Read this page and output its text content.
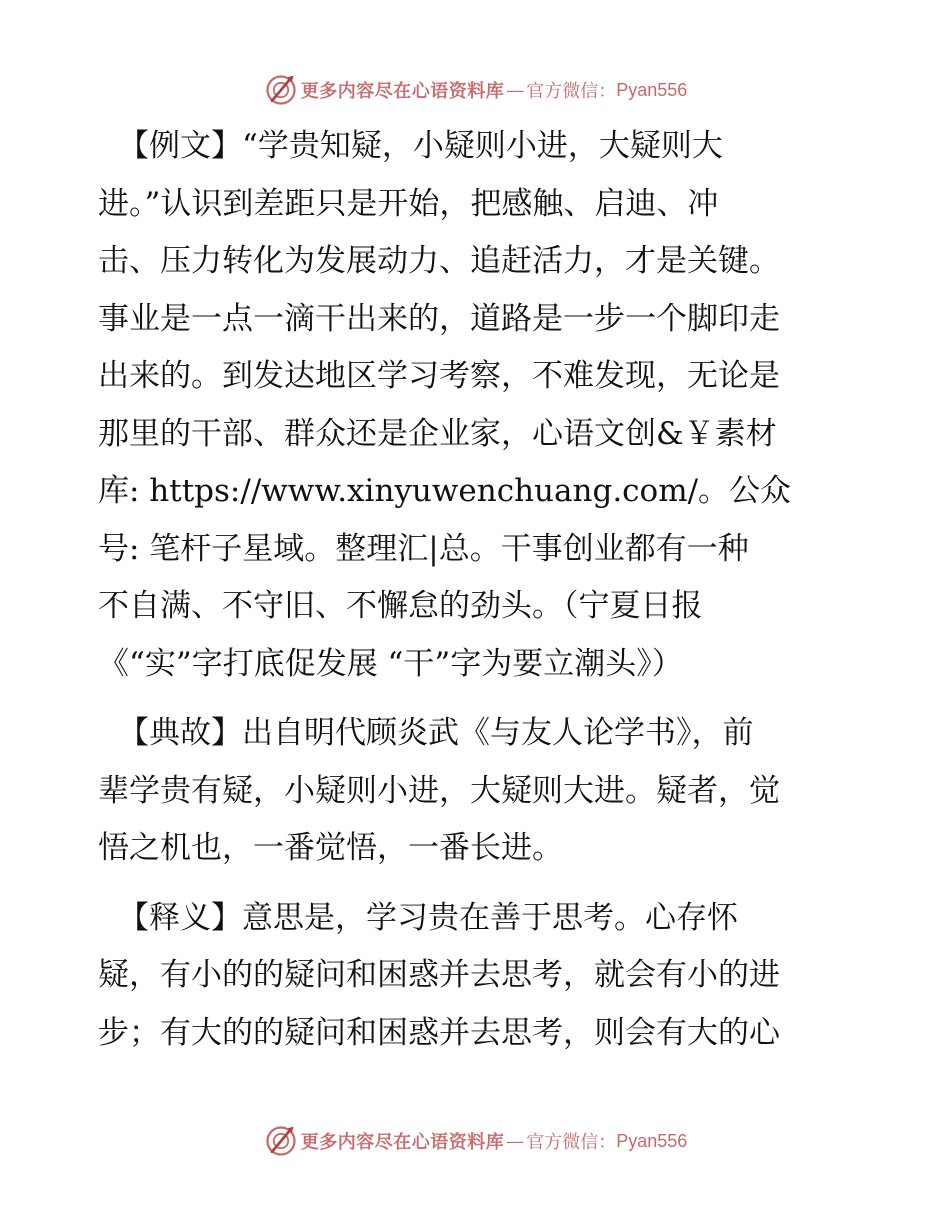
更多内容尽在心语资料库 — 官方微信： Pyan556
【例文】“学贵知疑，小疑则小进，大疑则大
进。”认识到差距只是开始，把感触、启迪、冲
击、压力转化为发展动力、追赶活力，才是关键。
事业是一点一滴干出来的，道路是一步一个脚印走
出来的。到发达地区学习考察，不难发现，无论是
那里的干部、群众还是企业家，心语文创&￥素材
库: https://www.xinyuwenchuang.com/。公众
号: 笔杆子星域。整理汇|总。干事创业都有一种
不自满、不守旧、不懈怠的劲头。（宁夏日报
《“实”字打底促发展 “干”字为要立潮头》）
【典故】出自明代顾炎武《与友人论学书》，前
辈学贵有疑，小疑则小进，大疑则大进。疑者，觉
悟之机也，一番觉悟，一番长进。
【释义】意思是，学习贵在善于思考。心存怀
疑，有小的的疑问和困惑并去思考，就会有小的进
步；有大的的疑问和困惑并去思考，则会有大的心
更多内容尽在心语资料库 — 官方微信： Pyan556
